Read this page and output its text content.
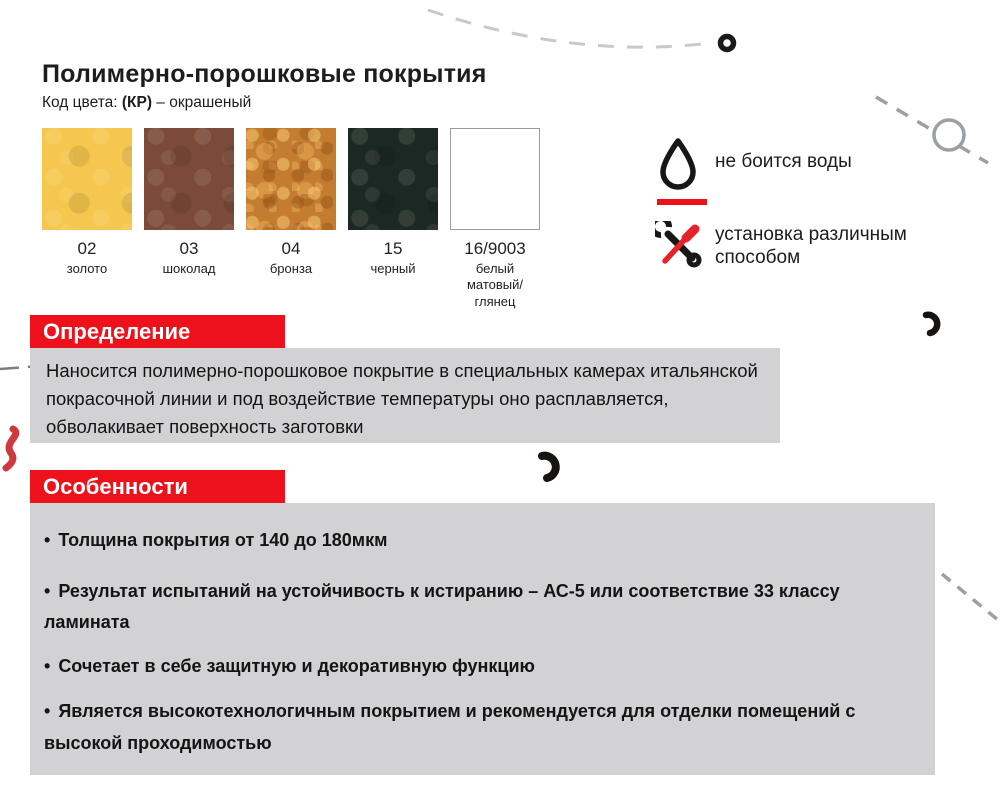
Полимерно-порошковые покрытия

Код цвета: (КР) – окрашеный

02
золото
03
шоколад
04
бронза
15
черный
16/9003
белый матовый/глянец
не боится воды
установка различным способом
Определение
Наносится полимерно-порошковое покрытие в специальных камерах итальянской покрасочной линии и под воздействие температуры оно расплавляется, обволакивает поверхность заготовки
Особенности
• Толщина покрытия от 140 до 180мкм
• Результат испытаний на устойчивость к истиранию – АС-5 или соответствие 33 классу ламината
• Сочетает в себе защитную и декоративную функцию
• Является высокотехнологичным покрытием и рекомендуется для отделки помещений с высокой проходимостью
